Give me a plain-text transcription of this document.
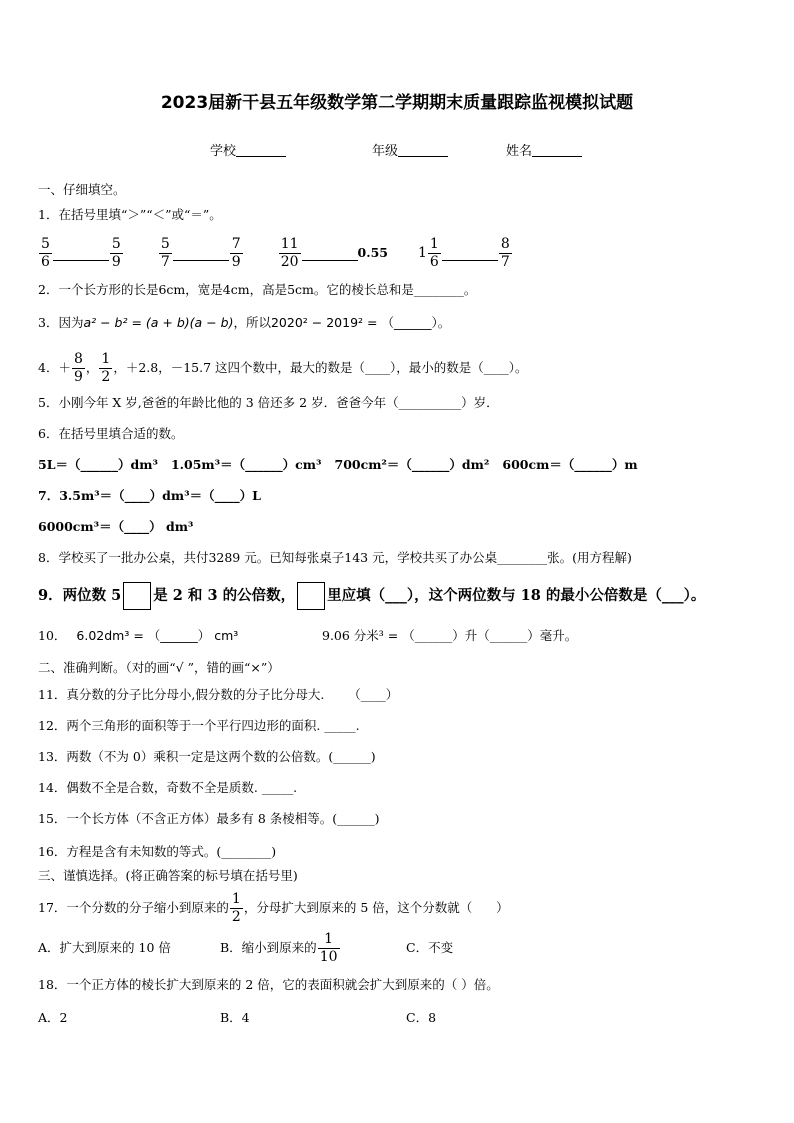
2023届新干县五年级数学第二学期期末质量跟踪监视模拟试题
学校	年级	姓名
一、仔细填空。
1．在括号里填“＞”“＜”或“＝”。
$\frac{5}{6}$	$\frac{5}{9}$	$\frac{5}{7}$	$\frac{7}{9}$	$\frac{11}{20}$	0.55 $1 \frac{1}{6}$	$\frac{8}{7}$
2．一个长方形的长是6cm，宽是4cm，高是5cm。它的棱长总和是________。
3．因为a² − b² = (a + b)(a − b)，所以2020² − 2019² = （______）。
4．＋ $\frac{8}{9}$ ， $\frac{1}{2}$ ，＋2.8，－15.7 这四个数中，最大的数是（____），最小的数是（____）。
5．小刚今年 X 岁,爸爸的年龄比他的 3 倍还多 2 岁．爸爸今年（__________）岁．
6．在括号里填合适的数。
5L＝（______）dm³   1.05m³＝（______）cm³   700cm²＝（______）dm²   600cm＝（______）m
7．3.5m³＝（____）dm³＝（____）L
6000cm³＝（____） dm³
8．学校买了一批办公桌，共付3289 元。已知每张桌子143 元，学校共买了办公桌________张。(用方程解)
9．两位数 5 是 2 和 3 的公倍数， 里应填（___），这个两位数与 18 的最小公倍数是（___）。
10． 6.02dm³ = （______） cm³	9.06 分米³ = （______）升（______）毫升。
二、准确判断。（对的画“√ ”，错的画“×”）
11．真分数的分子比分母小,假分数的分子比分母大.      （____）
12．两个三角形的面积等于一个平行四边形的面积. _____.
13．两数（不为 0）乘积一定是这两个数的公倍数。(______)
14．偶数不全是合数，奇数不全是质数. _____.
15．一个长方体（不含正方体）最多有 8 条棱相等。(______)
16．方程是含有未知数的等式。(________)
三、谨慎选择。(将正确答案的标号填在括号里)
17．一个分数的分子缩小到原来的 $\frac{1}{2}$ ，分母扩大到原来的 5 倍，这个分数就（      ）
A．扩大到原来的 10 倍	B．缩小到原来的 $\frac{1}{10}$	C．不变
18．一个正方体的棱长扩大到原来的 2 倍，它的表面积就会扩大到原来的（ ）倍。
A．2	B．4	C．8
